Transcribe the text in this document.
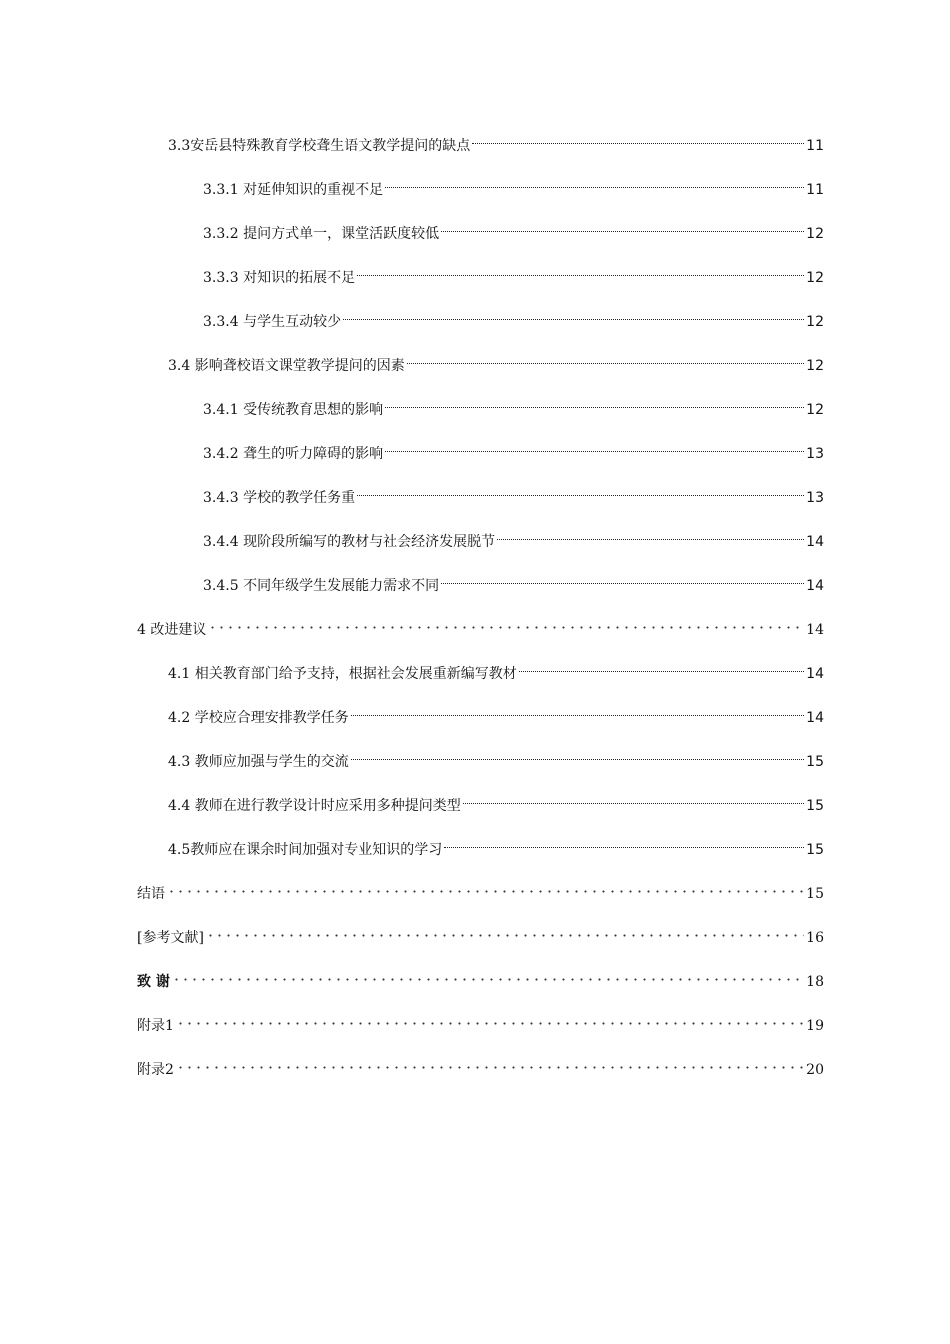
3.3安岳县特殊教育学校聋生语文教学提问的缺点	11
3.3.1 对延伸知识的重视不足	11
3.3.2 提问方式单一，课堂活跃度较低	12
3.3.3 对知识的拓展不足	12
3.3.4 与学生互动较少	12
3.4 影响聋校语文课堂教学提问的因素	12
3.4.1 受传统教育思想的影响	12
3.4.2 聋生的听力障碍的影响	13
3.4.3 学校的教学任务重	13
3.4.4 现阶段所编写的教材与社会经济发展脱节	14
3.4.5 不同年级学生发展能力需求不同	14
4 改进建议	14
4.1 相关教育部门给予支持，根据社会发展重新编写教材	14
4.2 学校应合理安排教学任务	14
4.3 教师应加强与学生的交流	15
4.4 教师在进行教学设计时应采用多种提问类型	15
4.5教师应在课余时间加强对专业知识的学习	15
结语	15
[参考文献]	16
致 谢	18
附录1	19
附录2	20
